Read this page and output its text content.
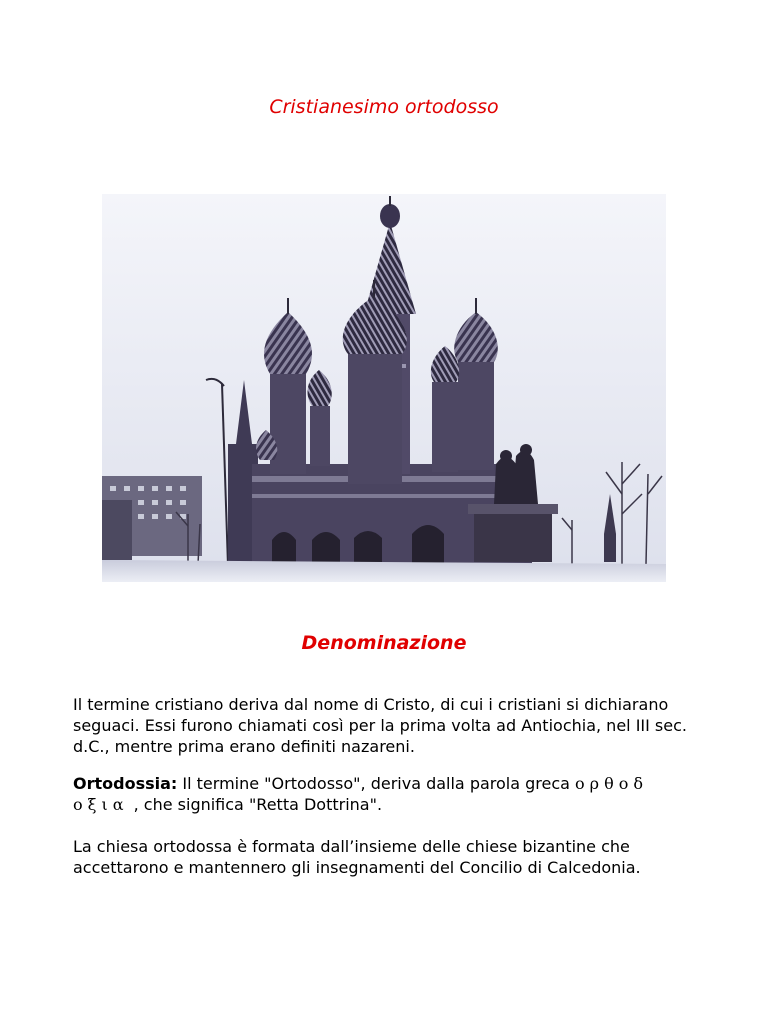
Cristianesimo ortodosso
Denominazione

Il termine cristiano deriva dal nome di Cristo, di cui i cristiani si dichiarano seguaci. Essi furono chiamati così per la prima volta ad Antiochia, nel III sec. d.C., mentre prima erano definiti nazareni.

Ortodossia: Il termine "Ortodosso", deriva dalla parola greca ορθοδ
οξια , che significa "Retta Dottrina".

La chiesa ortodossa è formata dall’insieme delle chiese bizantine che accettarono e mantennero gli insegnamenti del Concilio di Calcedonia.
